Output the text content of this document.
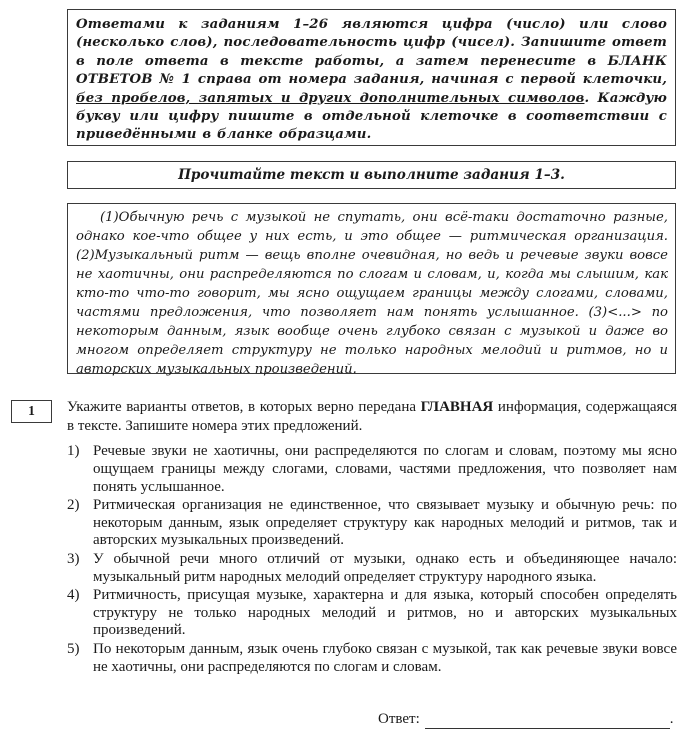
Ответами к заданиям 1–26 являются цифра (число) или слово (несколько слов), последовательность цифр (чисел). Запишите ответ в поле ответа в тексте работы, а затем перенесите в БЛАНК ОТВЕТОВ № 1 справа от номера задания, начиная с первой клеточки, без пробелов, запятых и других дополнительных символов. Каждую букву или цифру пишите в отдельной клеточке в соответствии с приведёнными в бланке образцами.
Прочитайте текст и выполните задания 1–3.

(1)Обычную речь с музыкой не спутать, они всё-таки достаточно разные, однако кое-что общее у них есть, и это общее — ритмическая организация. (2)Музыкальный ритм — вещь вполне очевидная, но ведь и речевые звуки вовсе не хаотичны, они распределяются по слогам и словам, и, когда мы слышим, как кто-то что-то говорит, мы ясно ощущаем границы между слогами, словами, частями предложения, что позволяет нам понять услышанное. (3)<...> по некоторым данным, язык вообще очень глубоко связан с музыкой и даже во многом определяет структуру не только народных мелодий и ритмов, но и авторских музыкальных произведений.

1	Укажите варианты ответов, в которых верно передана ГЛАВНАЯ информация, содержащаяся в тексте. Запишите номера этих предложений.
1) Речевые звуки не хаотичны, они распределяются по слогам и словам, поэтому мы ясно ощущаем границы между слогами, словами, частями предложения, что позволяет нам понять услышанное.
2) Ритмическая организация не единственное, что связывает музыку и обычную речь: по некоторым данным, язык определяет структуру как народных мелодий и ритмов, так и авторских музыкальных произведений.
3) У обычной речи много отличий от музыки, однако есть и объединяющее начало: музыкальный ритм народных мелодий определяет структуру народного языка.
4) Ритмичность, присущая музыке, характерна и для языка, который способен определять структуру не только народных мелодий и ритмов, но и авторских музыкальных произведений.
5) По некоторым данным, язык очень глубоко связан с музыкой, так как речевые звуки вовсе не хаотичны, они распределяются по слогам и словам.
Ответ:	.
